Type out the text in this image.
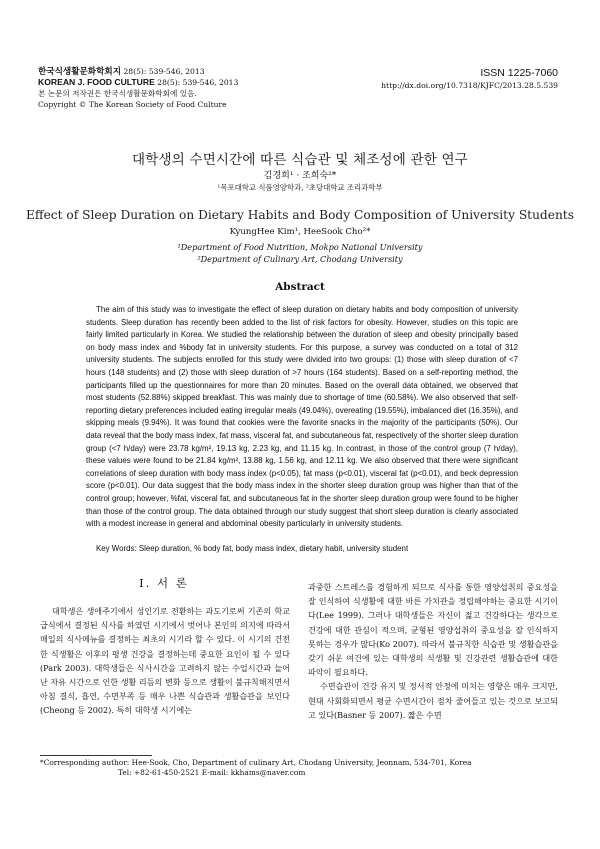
한국식생활문화학회지 28(5): 539-546, 2013
KOREAN J. FOOD CULTURE 28(5): 539-546, 2013
본 논문의 저작권은 한국식생활문화학회에 있음.
Copyright © The Korean Society of Food Culture
ISSN 1225-7060
http://dx.doi.org/10.7318/KJFC/2013.28.5.539
대학생의 수면시간에 따른 식습관 및 체조성에 관한 연구
김경희¹ · 조희숙²*
¹목포대학교 식품영양학과, ²초당대학교 조리과학부
Effect of Sleep Duration on Dietary Habits and Body Composition of University Students
KyungHee Kim¹, HeeSook Cho²*
¹Department of Food Nutrition, Mokpo National University
²Department of Culinary Art, Chodang University
Abstract

The aim of this study was to investigate the effect of sleep duration on dietary habits and body composition of university students. Sleep duration has recently been added to the list of risk factors for obesity. However, studies on this topic are fairly limited particularly in Korea. We studied the relationship between the duration of sleep and obesity principally based on body mass index and %body fat in university students. For this purpose, a survey was conducted on a total of 312 university students. The subjects enrolled for this study were divided into two groups: (1) those with sleep duration of <7 hours (148 students) and (2) those with sleep duration of >7 hours (164 students). Based on a self-reporting method, the participants filled up the questionnaires for more than 20 minutes. Based on the overall data obtained, we observed that most students (52.88%) skipped breakfast. This was mainly due to shortage of time (60.58%). We also observed that self-reporting dietary preferences included eating irregular meals (49.04%), overeating (19.55%), imbalanced diet (16.35%), and skipping meals (9.94%). It was found that cookies were the favorite snacks in the majority of the participants (50%). Our data reveal that the body mass index, fat mass, visceral fat, and subcutaneous fat, respectively of the shorter sleep duration group (<7 h/day) were 23.78 kg/m², 19.13 kg, 2.23 kg, and 11.15 kg. In contrast, in those of the control group (7 h/day), these values were found to be 21.84 kg/m², 13.88 kg, 1.56 kg, and 12.11 kg. We also observed that there were significant correlations of sleep duration with body mass index (p<0.05), fat mass (p<0.01), visceral fat (p<0.01), and beck depression score (p<0.01). Our data suggest that the body mass index in the shorter sleep duration group was higher than that of the control group; however, %fat, visceral fat, and subcutaneous fat in the shorter sleep duration group were found to be higher than those of the control group. The data obtained through our study suggest that short sleep duration is clearly associated with a modest increase in general and abdominal obesity particularly in university students.

Key Words: Sleep duration, % body fat, body mass index, dietary habit, university student
I. 서 론

대학생은 생애주기에서 성인기로 전환하는 과도기로써 기존의 학교급식에서 결정된 식사를 하였던 시기에서 벗어나 본인의 의지에 따라서 매일의 식사메뉴를 결정하는 최초의 시기라 할 수 있다. 이 시기의 건전한 식생활은 이후의 평생 건강을 결정하는데 중요한 요인이 될 수 있다(Park 2003). 대학생들은 식사시간을 고려하지 않는 수업시간과 늘어난 자유 시간으로 인한 생활 리듬의 변화 등으로 생활이 불규칙해지면서 아침 결식, 흡연, 수면부족 등 매우 나쁜 식습관과 생활습관을 보인다(Cheong 등 2002). 특히 대학생 시기에는

과중한 스트레스를 경험하게 되므로 식사를 통한 영양섭취의 중요성을 잘 인식하여 식생활에 대한 바른 가치관을 정립해야하는 중요한 시기이다(Lee 1999). 그러나 대학생들은 자신이 젊고 건강하다는 생각으로 건강에 대한 관심이 적으며, 균형된 영양섭취의 중요성을 잘 인식하지 못하는 경우가 많다(Ko 2007). 따라서 불규칙한 식습관 및 생활습관을 갖기 쉬운 여건에 있는 대학생의 식생활 및 건강관련 생활습관에 대한 파악이 필요하다.

수면습관이 건강 유지 및 정서적 안정에 미치는 영향은 매우 크지만, 현대 사회화되면서 평균 수면시간이 점차 줄어들고 있는 것으로 보고되고 있다(Basner 등 2007). 짧은 수면

*Corresponding author: Hee-Sook, Cho, Department of culinary Art, Chodang University, Jeonnam, 534-701, Korea
Tel: +82-61-450-2521 E-mail: kkhams@naver.com
